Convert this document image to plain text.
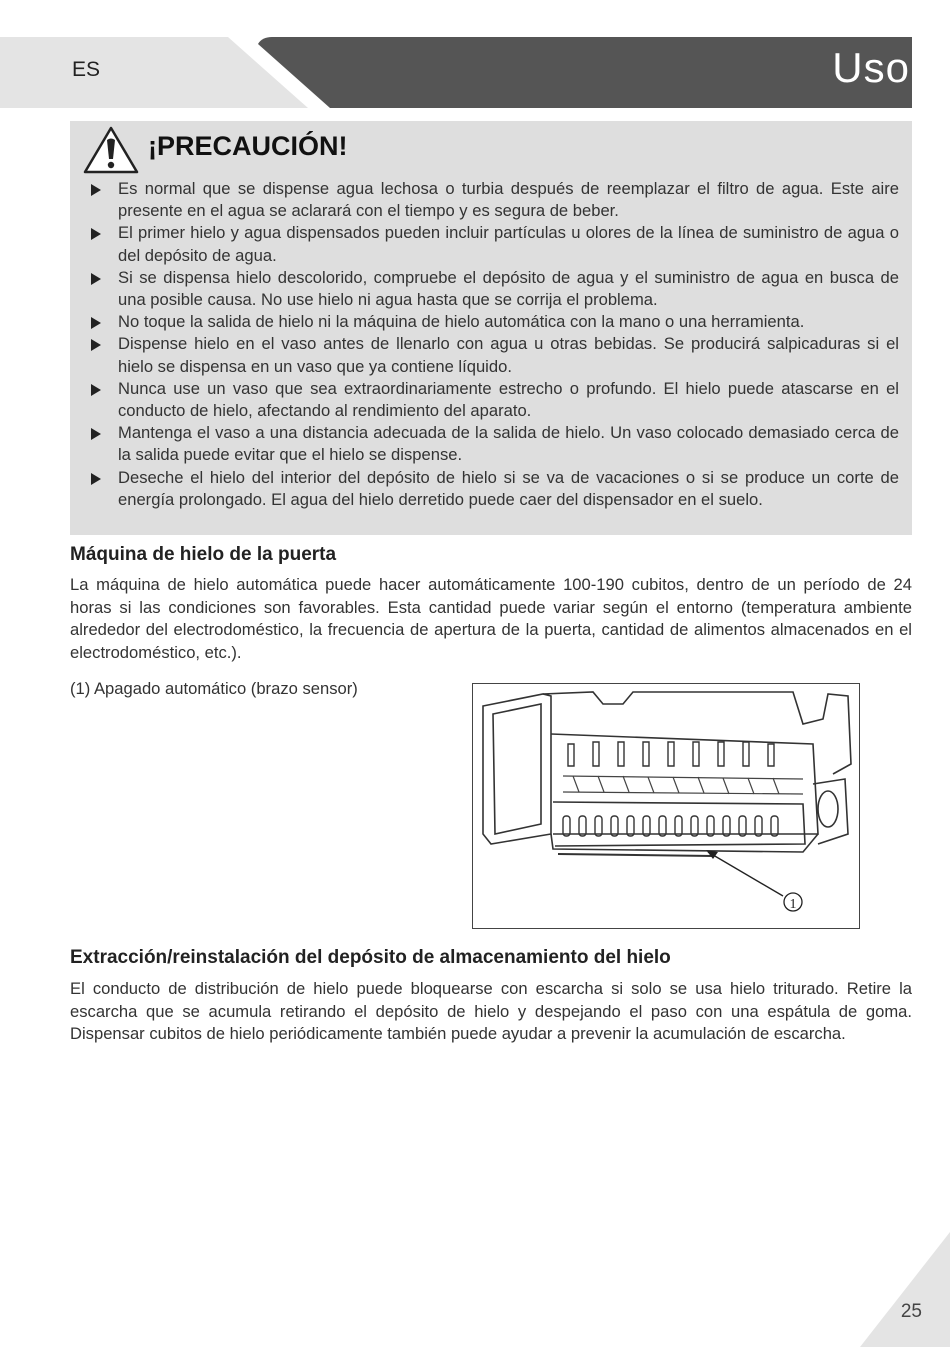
ES	Uso
¡PRECAUCIÓN!
Es normal que se dispense agua lechosa o turbia después de reemplazar el filtro de agua. Este aire presente en el agua se aclarará con el tiempo y es segura de beber.
El primer hielo y agua dispensados pueden incluir partículas u olores de la línea de suministro de agua o del depósito de agua.
Si se dispensa hielo descolorido, compruebe el depósito de agua y el suministro de agua en busca de una posible causa. No use hielo ni agua hasta que se corrija el problema.
No toque la salida de hielo ni la máquina de hielo automática con la mano o una herramienta.
Dispense hielo en el vaso antes de llenarlo con agua u otras bebidas. Se producirá salpicaduras si el hielo se dispensa en un vaso que ya contiene líquido.
Nunca use un vaso que sea extraordinariamente estrecho o profundo. El hielo puede atascarse en el conducto de hielo, afectando al rendimiento del aparato.
Mantenga el vaso a una distancia adecuada de la salida de hielo. Un vaso colocado demasiado cerca de la salida puede evitar que el hielo se dispense.
Deseche el hielo del interior del depósito de hielo si se va de vacaciones o si se produce un corte de energía prolongado. El agua del hielo derretido puede caer del dispensador en el suelo.
Máquina de hielo de la puerta

La máquina de hielo automática puede hacer automáticamente 100-190 cubitos, dentro de un período de 24 horas si las condiciones son favorables. Esta cantidad puede variar según el entorno (temperatura ambiente alrededor del electrodoméstico, la frecuencia de apertura de la puerta, cantidad de alimentos almacenados en el electrodoméstico, etc.).

(1) Apagado automático (brazo sensor)
1
Extracción/reinstalación del depósito de almacenamiento del hielo

El conducto de distribución de hielo puede bloquearse con escarcha si solo se usa hielo triturado. Retire la escarcha que se acumula retirando el depósito de hielo y despejando el paso con una espátula de goma. Dispensar cubitos de hielo periódicamente también puede ayudar a prevenir la acumulación de escarcha.

25
